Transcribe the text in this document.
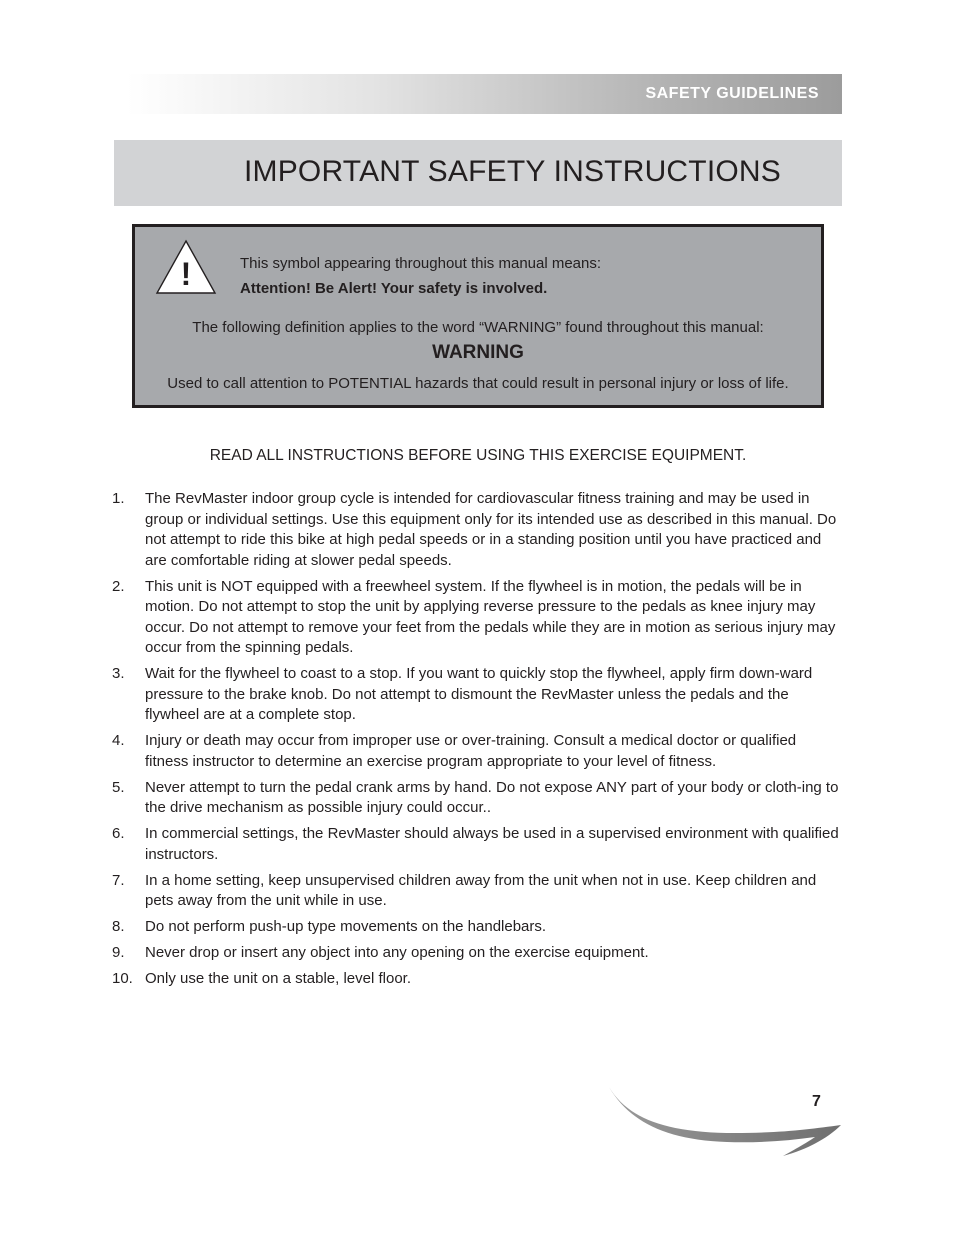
SAFETY GUIDELINES
IMPORTANT SAFETY INSTRUCTIONS
!	This symbol appearing throughout this manual means:
Attention! Be Alert! Your safety is involved.
The following definition applies to the word “WARNING” found throughout this manual:
WARNING
Used to call attention to POTENTIAL hazards that could result in personal injury or loss of life.
READ ALL INSTRUCTIONS BEFORE USING THIS EXERCISE EQUIPMENT.
1.	The RevMaster indoor group cycle is intended for cardiovascular fitness training and may be used in group or individual settings. Use this equipment only for its intended use as described in this manual. Do not attempt to ride this bike at high pedal speeds or in a standing position until you have practiced and are comfortable riding at slower pedal speeds.
2.	This unit is NOT equipped with a freewheel system. If the flywheel is in motion, the pedals will be in motion. Do not attempt to stop the unit by applying reverse pressure to the pedals as knee injury may occur. Do not attempt to remove your feet from the pedals while they are in motion as serious injury may occur from the spinning pedals.
3.	Wait for the flywheel to coast to a stop. If you want to quickly stop the flywheel, apply firm down-ward pressure to the brake knob. Do not attempt to dismount the RevMaster unless the pedals and the flywheel are at a complete stop.
4.	Injury or death may occur from improper use or over-training. Consult a medical doctor or qualified fitness instructor to determine an exercise program appropriate to your level of fitness.
5.	Never attempt to turn the pedal crank arms by hand. Do not expose ANY part of your body or cloth-ing to the drive mechanism as possible injury could occur..
6.	In commercial settings, the RevMaster should always be used in a supervised environment with qualified instructors.
7.	In a home setting, keep unsupervised children away from the unit when not in use. Keep children and pets away from the unit while in use.
8.	Do not perform push-up type movements on the handlebars.
9.	Never drop or insert any object into any opening on the exercise equipment.
10. Only use the unit on a stable, level floor.
7
